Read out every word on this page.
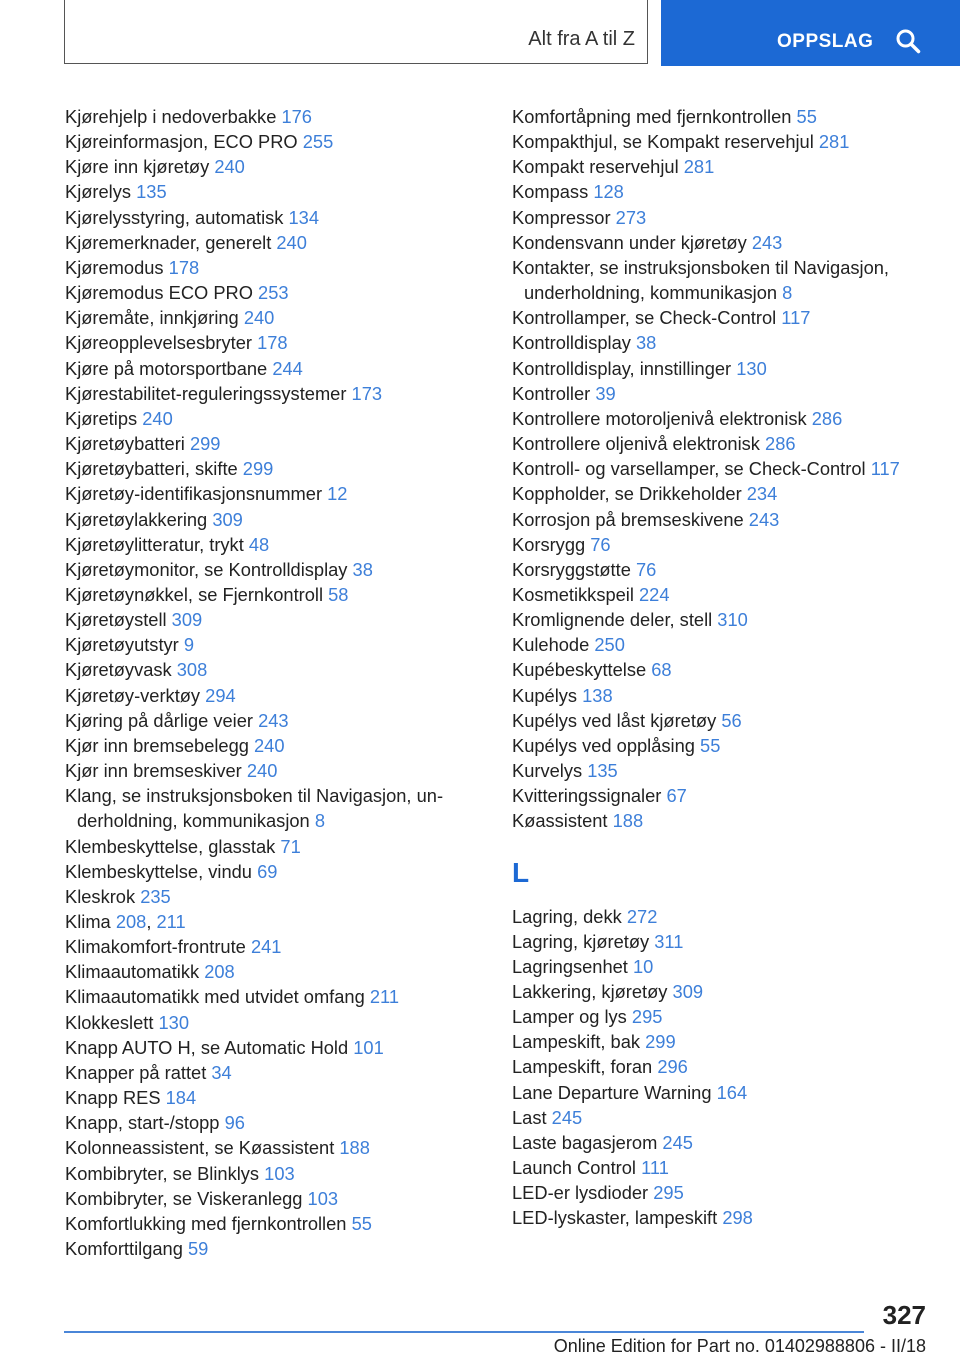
Alt fra A til Z	OPPSLAG
Kjørehjelp i nedoverbakke 176
Kjøreinformasjon, ECO PRO 255
Kjøre inn kjøretøy 240
Kjørelys 135
Kjørelysstyring, automatisk 134
Kjøremerknader, generelt 240
Kjøremodus 178
Kjøremodus ECO PRO 253
Kjøremåte, innkjøring 240
Kjøreopplevelsesbryter 178
Kjøre på motorsportbane 244
Kjørestabilitet-reguleringssystemer 173
Kjøretips 240
Kjøretøybatteri 299
Kjøretøybatteri, skifte 299
Kjøretøy-identifikasjonsnummer 12
Kjøretøylakkering 309
Kjøretøylitteratur, trykt 48
Kjøretøymonitor, se Kontrolldisplay 38
Kjøretøynøkkel, se Fjernkontroll 58
Kjøretøystell 309
Kjøretøyutstyr 9
Kjøretøyvask 308
Kjøretøy-verktøy 294
Kjøring på dårlige veier 243
Kjør inn bremsebelegg 240
Kjør inn bremseskiver 240
Klang, se instruksjonsboken til Navigasjon, underholdning, kommunikasjon 8
Klembeskyttelse, glasstak 71
Klembeskyttelse, vindu 69
Kleskrok 235
Klima 208, 211
Klimakomfort-frontrute 241
Klimaautomatikk 208
Klimaautomatikk med utvidet omfang 211
Klokkeslett 130
Knapp AUTO H, se Automatic Hold 101
Knapper på rattet 34
Knapp RES 184
Knapp, start-/stopp 96
Kolonneassistent, se Køassistent 188
Kombibryter, se Blinklys 103
Kombibryter, se Viskeranlegg 103
Komfortlukking med fjernkontrollen 55
Komforttilgang 59
Komfortåpning med fjernkontrollen 55
Kompakthjul, se Kompakt reservehjul 281
Kompakt reservehjul 281
Kompass 128
Kompressor 273
Kondensvann under kjøretøy 243
Kontakter, se instruksjonsboken til Navigasjon, underholdning, kommunikasjon 8
Kontrollamper, se Check-Control 117
Kontrolldisplay 38
Kontrolldisplay, innstillinger 130
Kontroller 39
Kontrollere motoroljenivå elektronisk 286
Kontrollere oljenivå elektronisk 286
Kontroll- og varsellamper, se Check-Control 117
Koppholder, se Drikkeholder 234
Korrosjon på bremseskivene 243
Korsrygg 76
Korsryggstøtte 76
Kosmetikkspeil 224
Kromlignende deler, stell 310
Kulehode 250
Kupébeskyttelse 68
Kupélys 138
Kupélys ved låst kjøretøy 56
Kupélys ved opplåsing 55
Kurvelys 135
Kvitteringssignaler 67
Køassistent 188
L
Lagring, dekk 272
Lagring, kjøretøy 311
Lagringsenhet 10
Lakkering, kjøretøy 309
Lamper og lys 295
Lampeskift, bak 299
Lampeskift, foran 296
Lane Departure Warning 164
Last 245
Laste bagasjerom 245
Launch Control 111
LED-er lysdioder 295
LED-lyskaster, lampeskift 298
327
Online Edition for Part no. 01402988806 - II/18
